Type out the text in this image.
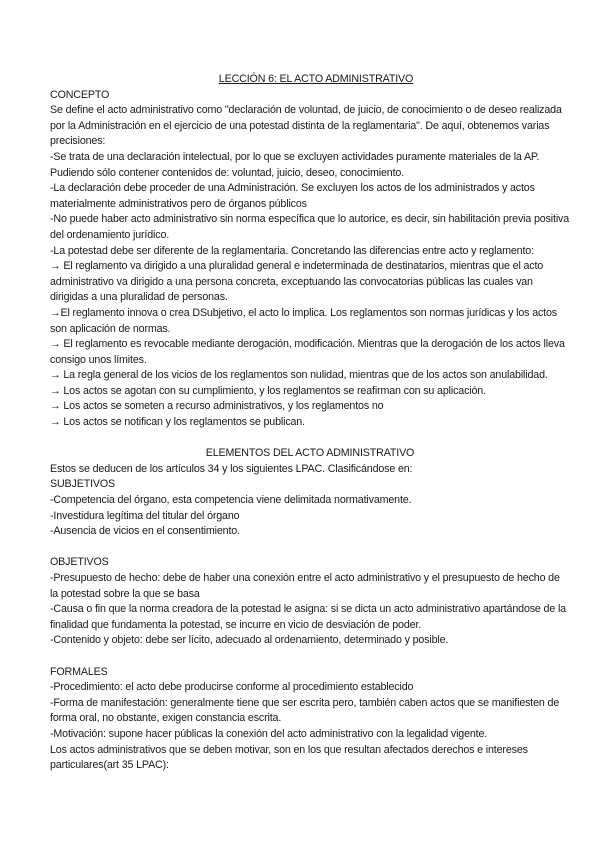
LECCIÓN 6: EL ACTO ADMINISTRATIVO

CONCEPTO

Se define el acto administrativo como "declaración de voluntad, de juicio, de conocimiento o de deseo realizada por la Administración en el ejercicio de una potestad distinta de la reglamentaria". De aquí, obtenemos varias precisiones:

-Se trata de una declaración intelectual, por lo que se excluyen actividades puramente materiales de la AP. Pudiendo sólo contener contenidos de: voluntad, juicio, deseo, conocimiento.

-La declaración debe proceder de una Administración. Se excluyen los actos de los administrados y actos materialmente administrativos pero de órganos públicos

-No puede haber acto administrativo sin norma específica que lo autorice, es decir, sin habilitación previa positiva del ordenamiento jurídico.

-La potestad debe ser diferente de la reglamentaria. Concretando las diferencias entre acto y reglamento:

→ El reglamento va dirigido a una pluralidad general e indeterminada de destinatarios, mientras que el acto administrativo va dirigido a una persona concreta, exceptuando las convocatorias públicas las cuales van dirigidas a una pluralidad de personas.

→El reglamento innova o crea DSubjetivo, el acto lo implica. Los reglamentos son normas jurídicas y los actos son aplicación de normas.

→ El reglamento es revocable mediante derogación, modificación. Mientras que la derogación de los actos lleva consigo unos límites.

→ La regla general de los vicios de los reglamentos son nulidad, mientras que de los actos son anulabilidad.

→ Los actos se agotan con su cumplimiento, y los reglamentos se reafirman con su aplicación.

→ Los actos se someten a recurso administrativos, y los reglamentos no

→ Los actos se notifican y los reglamentos se publican.

ELEMENTOS DEL ACTO ADMINISTRATIVO

Estos se deducen de los artículos 34 y los siguientes LPAC. Clasificándose en:

SUBJETIVOS

-Competencia del órgano, esta competencia viene delimitada normativamente.

-Investidura legítima del titular del órgano

-Ausencia de vicios en el consentimiento.

OBJETIVOS

-Presupuesto de hecho: debe de haber una conexión entre el acto administrativo y el presupuesto de hecho de la potestad sobre la que se basa

-Causa o fin que la norma creadora de la potestad le asigna: si se dicta un acto administrativo apartándose de la finalidad que fundamenta la potestad, se incurre en vicio de desviación de poder.

-Contenido y objeto: debe ser lícito, adecuado al ordenamiento, determinado y posible.

FORMALES

-Procedimiento: el acto debe producirse conforme al procedimiento establecido

-Forma de manifestación: generalmente tiene que ser escrita pero, también caben actos que se manifiesten de forma oral, no obstante, exigen constancia escrita.

-Motivación: supone hacer públicas la conexión del acto administrativo con la legalidad vigente.

Los actos administrativos que se deben motivar, son en los que resultan afectados derechos e intereses particulares(art 35 LPAC):
